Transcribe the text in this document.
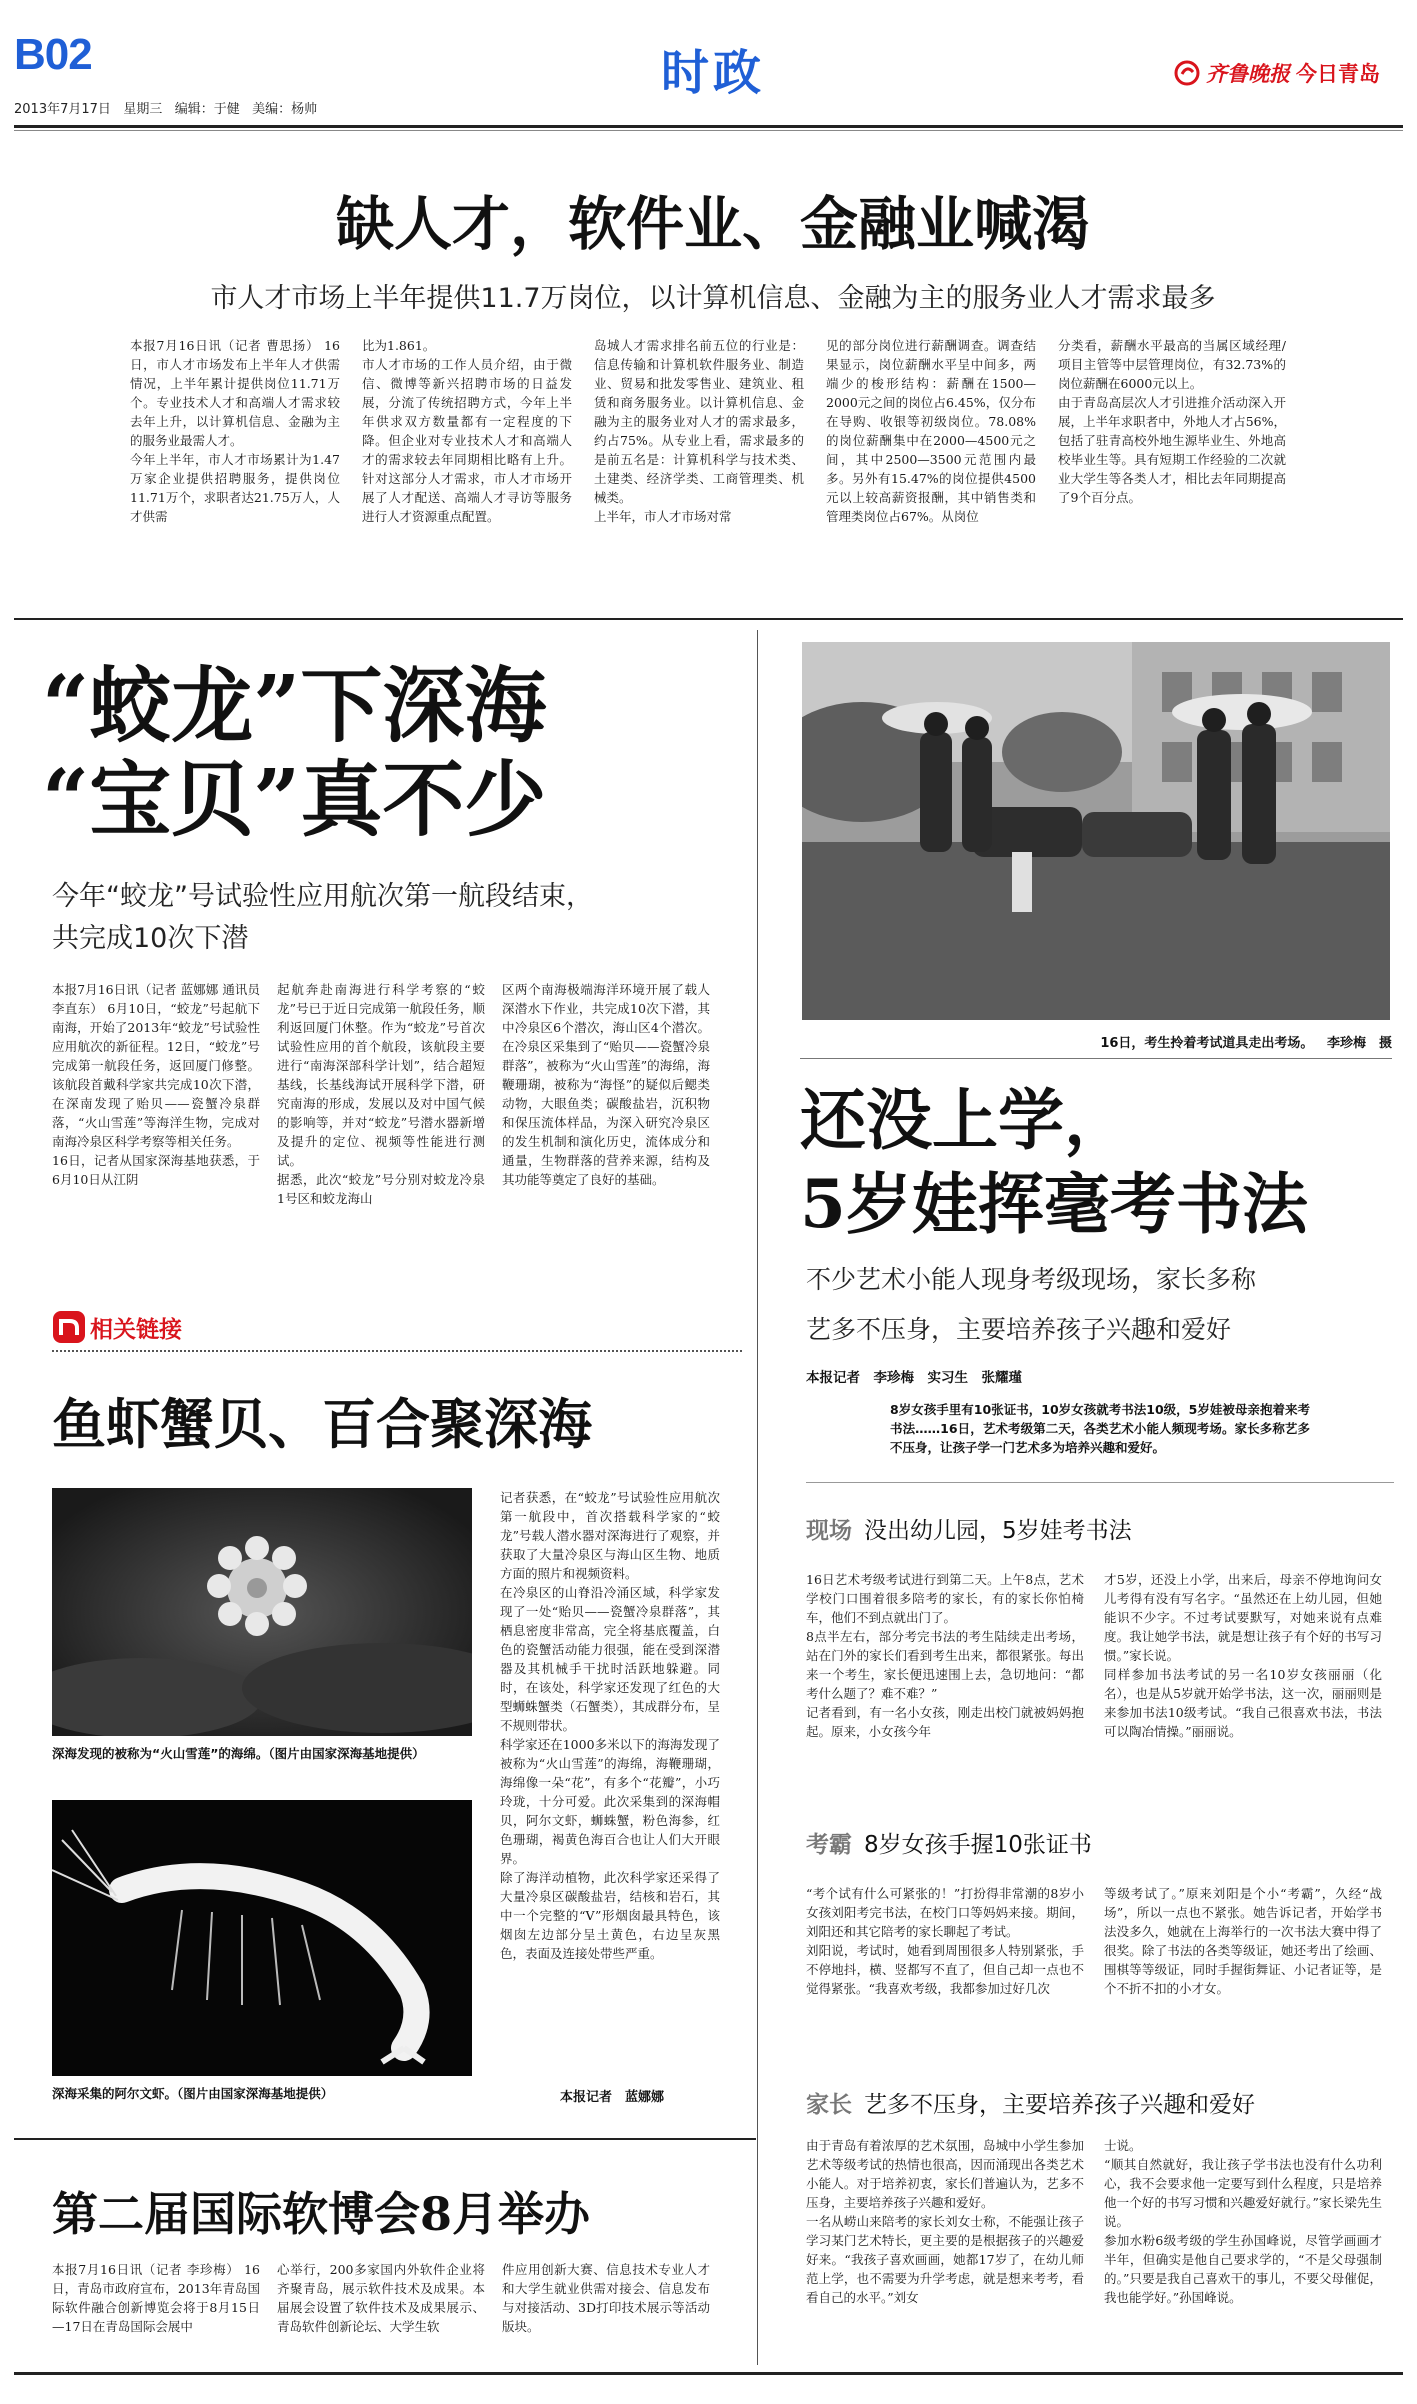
B02	时政
2013年7月17日 星期三 编辑：于健 美编：杨帅
齐鲁晚报 今日青岛
缺人才，软件业、金融业喊渴
市人才市场上半年提供11.7万岗位，以计算机信息、金融为主的服务业人才需求最多
本报7月16日讯（记者 曹思扬） 16日，市人才市场发布上半年人才供需情况，上半年累计提供岗位11.71万个。专业技术人才和高端人才需求较去年上升，以计算机信息、金融为主的服务业最需人才。
今年上半年，市人才市场累计为1.47万家企业提供招聘服务，提供岗位11.71万个，求职者达21.75万人，人才供需
比为1.861。
市人才市场的工作人员介绍，由于微信、微博等新兴招聘市场的日益发展，分流了传统招聘方式，今年上半年供求双方数量都有一定程度的下降。但企业对专业技术人才和高端人才的需求较去年同期相比略有上升。针对这部分人才需求，市人才市场开展了人才配送、高端人才寻访等服务进行人才资源重点配置。
岛城人才需求排名前五位的行业是：信息传输和计算机软件服务业、制造业、贸易和批发零售业、建筑业、租赁和商务服务业。以计算机信息、金融为主的服务业对人才的需求最多，约占75%。从专业上看，需求最多的是前五名是：计算机科学与技术类、土建类、经济学类、工商管理类、机械类。
上半年，市人才市场对常
见的部分岗位进行薪酬调查。调查结果显示，岗位薪酬水平呈中间多，两端少的梭形结构：薪酬在1500—2000元之间的岗位占6.45%，仅分布在导购、收银等初级岗位。78.08%的岗位薪酬集中在2000—4500元之间，其中2500—3500元范围内最多。另外有15.47%的岗位提供4500元以上较高薪资报酬，其中销售类和管理类岗位占67%。从岗位
分类看，薪酬水平最高的当属区域经理/项目主管等中层管理岗位，有32.73%的岗位薪酬在6000元以上。
由于青岛高层次人才引进推介活动深入开展，上半年求职者中，外地人才占56%，包括了驻青高校外地生源毕业生、外地高校毕业生等。具有短期工作经验的二次就业大学生等各类人才，相比去年同期提高了9个百分点。
“蛟龙”下深海
“宝贝”真不少
今年“蛟龙”号试验性应用航次第一航段结束，
共完成10次下潜
本报7月16日讯（记者 蓝娜娜 通讯员 李直东） 6月10日，“蛟龙”号起航下南海，开始了2013年“蛟龙”号试验性应用航次的新征程。12日，“蛟龙”号完成第一航段任务，返回厦门修整。该航段首戴科学家共完成10次下潜，在深南发现了贻贝——瓷蟹冷泉群落，“火山雪莲”等海洋生物，完成对南海冷泉区科学考察等相关任务。
16日，记者从国家深海基地获悉，于6月10日从江阴
起航奔赴南海进行科学考察的“蛟龙”号已于近日完成第一航段任务，顺利返回厦门休整。作为“蛟龙”号首次试验性应用的首个航段，该航段主要进行“南海深部科学计划”，结合超短基线，长基线海试开展科学下潜，研究南海的形成，发展以及对中国气候的影响等，并对“蛟龙”号潜水器新增及提升的定位、视频等性能进行测试。
据悉，此次“蛟龙”号分别对蛟龙冷泉1号区和蛟龙海山
区两个南海极端海洋环境开展了载人深潜水下作业，共完成10次下潜，其中冷泉区6个潜次，海山区4个潜次。在冷泉区采集到了“贻贝——瓷蟹冷泉群落”，被称为“火山雪莲”的海绵，海鞭珊瑚，被称为“海怪”的疑似后鳃类动物，大眼鱼类；碳酸盐岩，沉积物和保压流体样品，为深入研究冷泉区的发生机制和演化历史，流体成分和通量，生物群落的营养来源，结构及其功能等奠定了良好的基础。
相关链接
鱼虾蟹贝、百合聚深海
深海发现的被称为“火山雪莲”的海绵。（图片由国家深海基地提供）
深海采集的阿尔文虾。（图片由国家深海基地提供）
记者获悉，在“蛟龙”号试验性应用航次第一航段中，首次搭载科学家的“蛟龙”号载人潜水器对深海进行了观察，并获取了大量冷泉区与海山区生物、地质方面的照片和视频资料。
在冷泉区的山脊沿冷涌区域，科学家发现了一处“贻贝——瓷蟹冷泉群落”，其栖息密度非常高，完全将基底覆盖，白色的瓷蟹活动能力很强，能在受到深潜器及其机械手干扰时活跃地躲避。同时，在该处，科学家还发现了红色的大型蛳蛛蟹类（石蟹类），其成群分布，呈不规则带状。
科学家还在1000多米以下的海海发现了被称为“火山雪莲”的海绵，海鞭珊瑚，海绵像一朵“花”，有多个“花瓣”，小巧玲珑，十分可爱。此次采集到的深海帽贝，阿尔文虾，蛳蛛蟹，粉色海参，红色珊瑚，褐黄色海百合也让人们大开眼界。
除了海洋动植物，此次科学家还采得了大量冷泉区碳酸盐岩，结核和岩石，其中一个完整的“V”形烟囱最具特色，该烟囱左边部分呈土黄色，右边呈灰黑色，表面及连接处带些严重。
本报记者　蓝娜娜
第二届国际软博会8月举办
本报7月16日讯（记者 李珍梅） 16日，青岛市政府宣布，2013年青岛国际软件融合创新博览会将于8月15日—17日在青岛国际会展中
心举行，200多家国内外软件企业将齐聚青岛，展示软件技术及成果。本届展会设置了软件技术及成果展示、青岛软件创新论坛、大学生软
件应用创新大赛、信息技术专业人才和大学生就业供需对接会、信息发布与对接活动、3D打印技术展示等活动版块。
16日，考生拎着考试道具走出考场。 李珍梅　摄
还没上学，
5岁娃挥毫考书法
不少艺术小能人现身考级现场，家长多称
艺多不压身，主要培养孩子兴趣和爱好
本报记者　李珍梅　实习生　张耀瑾
8岁女孩手里有10张证书，10岁女孩就考书法10级，5岁娃被母亲抱着来考书法……16日，艺术考级第二天，各类艺术小能人频现考场。家长多称艺多不压身，让孩子学一门艺术多为培养兴趣和爱好。
现场 没出幼儿园，5岁娃考书法
16日艺术考级考试进行到第二天。上午8点，艺术学校门口围着很多陪考的家长，有的家长你怕椅车，他们不到点就出门了。
8点半左右，部分考完书法的考生陆续走出考场，站在门外的家长们看到考生出来，都很紧张。每出来一个考生，家长便迅速围上去，急切地问：“都考什么题了？难不难？”
记者看到，有一名小女孩，刚走出校门就被妈妈抱起。原来，小女孩今年
才5岁，还没上小学，出来后，母亲不停地询问女儿考得有没有写名字。“虽然还在上幼儿园，但她能识不少字。不过考试要默写，对她来说有点难度。我让她学书法，就是想让孩子有个好的书写习惯。”家长说。
同样参加书法考试的另一名10岁女孩丽丽（化名），也是从5岁就开始学书法，这一次，丽丽则是来参加书法10级考试。“我自己很喜欢书法，书法可以陶冶情操。”丽丽说。
考霸 8岁女孩手握10张证书
“考个试有什么可紧张的！”打扮得非常潮的8岁小女孩刘阳考完书法，在校门口等妈妈来接。期间，刘阳还和其它陪考的家长聊起了考试。
刘阳说，考试时，她看到周围很多人特别紧张，手不停地抖，横、竖都写不直了，但自己却一点也不觉得紧张。“我喜欢考级，我都参加过好几次
等级考试了。”原来刘阳是个小“考霸”，久经“战场”，所以一点也不紧张。她告诉记者，开始学书法没多久，她就在上海举行的一次书法大赛中得了很奖。除了书法的各类等级证，她还考出了绘画、围棋等等级证，同时手握街舞证、小记者证等，是个不折不扣的小才女。
家长 艺多不压身，主要培养孩子兴趣和爱好
由于青岛有着浓厚的艺术氛围，岛城中小学生参加艺术等级考试的热情也很高，因而涌现出各类艺术小能人。对于培养初衷，家长们普遍认为，艺多不压身，主要培养孩子兴趣和爱好。
一名从崂山来陪考的家长刘女士称，不能强让孩子学习某门艺术特长，更主要的是根据孩子的兴趣爱好来。“我孩子喜欢画画，她都17岁了，在幼儿师范上学，也不需要为升学考虑，就是想来考考，看看自己的水平。”刘女
士说。
“顺其自然就好，我让孩子学书法也没有什么功利心，我不会要求他一定要写到什么程度，只是培养他一个好的书写习惯和兴趣爱好就行。”家长梁先生说。
参加水粉6级考级的学生孙国峰说，尽管学画画才半年，但确实是他自己要求学的，“不是父母强制的。”只要是我自己喜欢干的事儿，不要父母催促，我也能学好。”孙国峰说。
